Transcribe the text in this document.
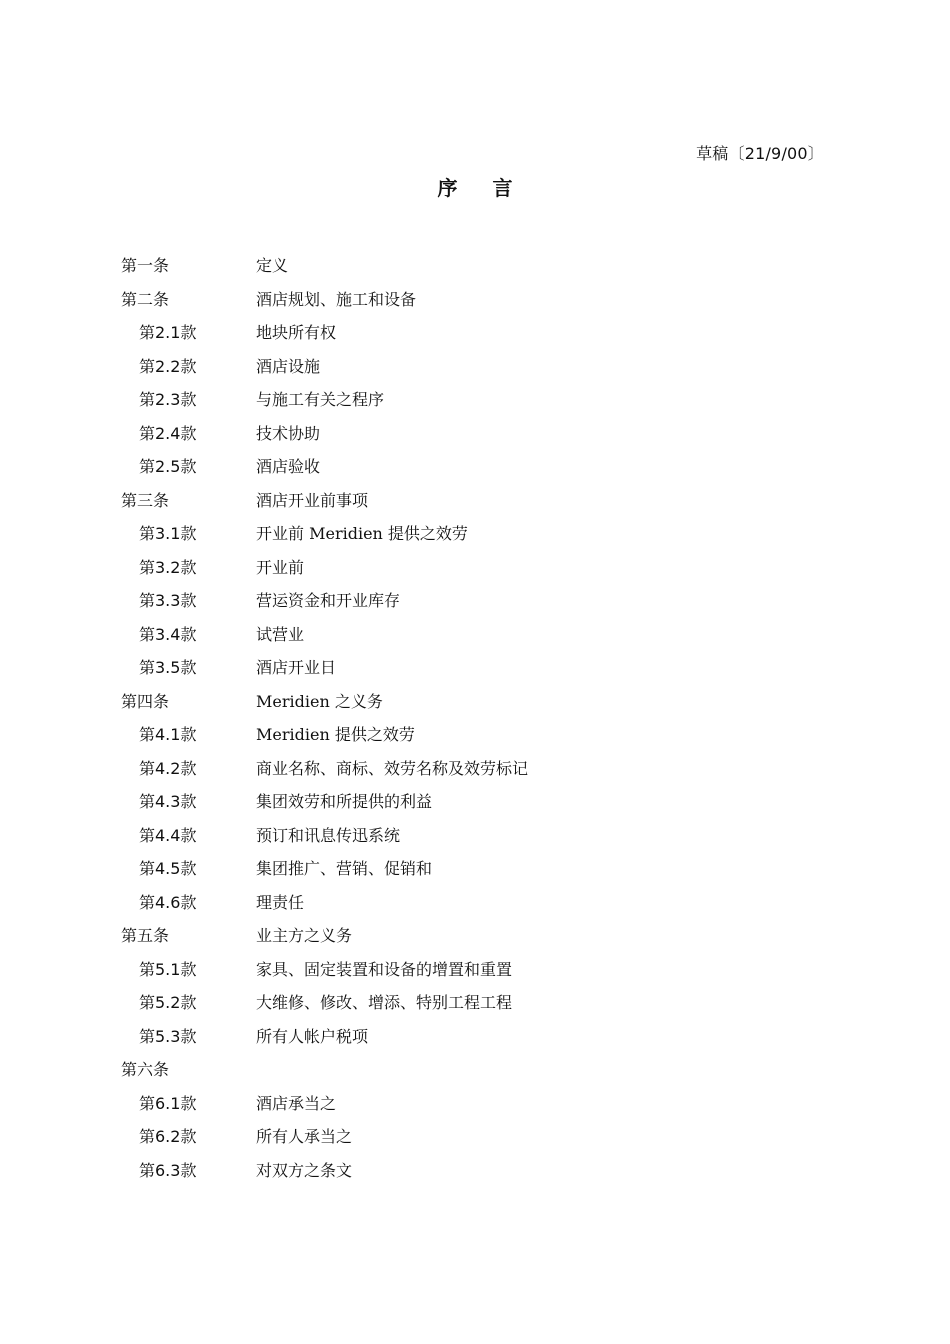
草稿〔21/9/00〕
序 言
第一条	定义
第二条	酒店规划、施工和设备
第2.1款	地块所有权
第2.2款	酒店设施
第2.3款	与施工有关之程序
第2.4款	技术协助
第2.5款	酒店验收
第三条	酒店开业前事项
第3.1款	开业前 Meridien 提供之效劳
第3.2款	开业前
第3.3款	营运资金和开业库存
第3.4款	试营业
第3.5款	酒店开业日
第四条	Meridien 之义务
第4.1款	Meridien 提供之效劳
第4.2款	商业名称、商标、效劳名称及效劳标记
第4.3款	集团效劳和所提供的利益
第4.4款	预订和讯息传迅系统
第4.5款	集团推广、营销、促销和
第4.6款	理责任
第五条	业主方之义务
第5.1款	家具、固定装置和设备的增置和重置
第5.2款	大维修、修改、增添、特别工程工程
第5.3款	所有人帐户税项
第六条
第6.1款	酒店承当之
第6.2款	所有人承当之
第6.3款	对双方之条文
